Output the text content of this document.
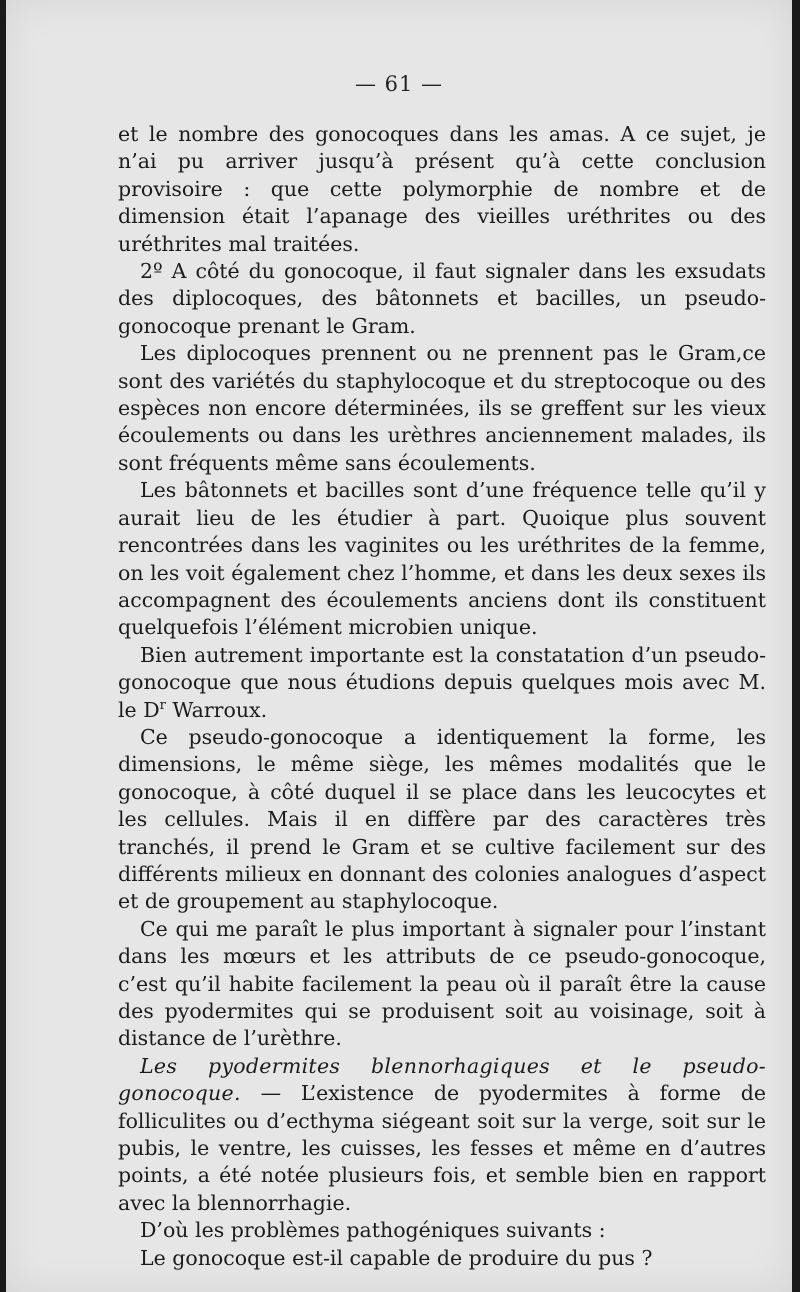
— 61 —

et le nombre des gonocoques dans les amas. A ce sujet, je n’ai pu arriver jusqu’à présent qu’à cette conclusion provisoire : que cette polymorphie de nombre et de dimension était l’apanage des vieilles uréthrites ou des uréthrites mal traitées.

2º A côté du gonocoque, il faut signaler dans les exsudats des diplocoques, des bâtonnets et bacilles, un pseudo-gonocoque prenant le Gram.

Les diplocoques prennent ou ne prennent pas le Gram,ce sont des variétés du staphylocoque et du streptocoque ou des espèces non encore déterminées, ils se greffent sur les vieux écoulements ou dans les urèthres anciennement malades, ils sont fréquents même sans écoulements.

Les bâtonnets et bacilles sont d’une fréquence telle qu’il y aurait lieu de les étudier à part. Quoique plus souvent rencontrées dans les vaginites ou les uréthrites de la femme, on les voit également chez l’homme, et dans les deux sexes ils accompagnent des écoulements anciens dont ils constituent quelquefois l’élément microbien unique.

Bien autrement importante est la constatation d’un pseudo-gonocoque que nous étudions depuis quelques mois avec M. le $D^r$ Warroux.

Ce pseudo-gonocoque a identiquement la forme, les dimensions, le même siège, les mêmes modalités que le gonocoque, à côté duquel il se place dans les leucocytes et les cellules. Mais il en diffère par des caractères très tranchés, il prend le Gram et se cultive facilement sur des différents milieux en donnant des colonies analogues d’aspect et de groupement au staphylocoque.

Ce qui me paraît le plus important à signaler pour l’instant dans les mœurs et les attributs de ce pseudo-gonocoque, c’est qu’il habite facilement la peau où il paraît être la cause des pyodermites qui se produisent soit au voisinage, soit à distance de l’urèthre.

Les pyodermites blennorhagiques et le pseudo-gonocoque. — L’existence de pyodermites à forme de folliculites ou d’ecthyma siégeant soit sur la verge, soit sur le pubis, le ventre, les cuisses, les fesses et même en d’autres points, a été notée plusieurs fois, et semble bien en rapport avec la blennorrhagie.

D’où les problèmes pathogéniques suivants :

Le gonocoque est-il capable de produire du pus ?
